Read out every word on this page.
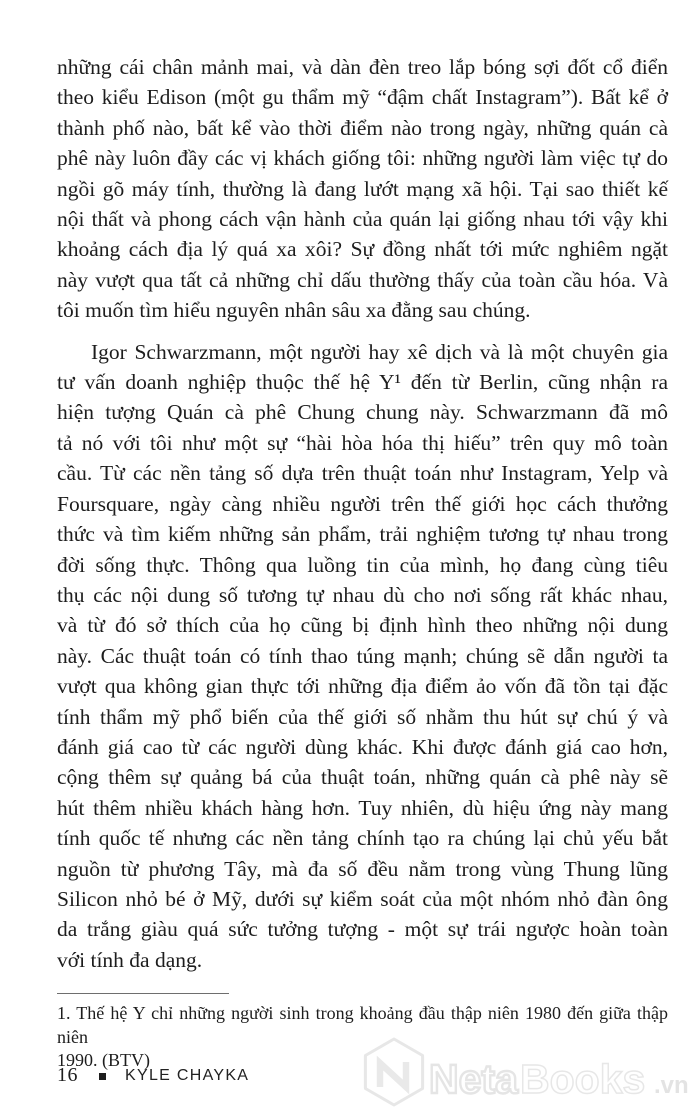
những cái chân mảnh mai, và dàn đèn treo lắp bóng sợi đốt cổ điển
theo kiểu Edison (một gu thẩm mỹ “đậm chất Instagram”). Bất kể ở
thành phố nào, bất kể vào thời điểm nào trong ngày, những quán cà
phê này luôn đầy các vị khách giống tôi: những người làm việc tự do
ngồi gõ máy tính, thường là đang lướt mạng xã hội. Tại sao thiết kế
nội thất và phong cách vận hành của quán lại giống nhau tới vậy khi
khoảng cách địa lý quá xa xôi? Sự đồng nhất tới mức nghiêm ngặt
này vượt qua tất cả những chỉ dấu thường thấy của toàn cầu hóa. Và
tôi muốn tìm hiểu nguyên nhân sâu xa đằng sau chúng.
Igor Schwarzmann, một người hay xê dịch và là một chuyên gia
tư vấn doanh nghiệp thuộc thế hệ Y¹ đến từ Berlin, cũng nhận ra
hiện tượng Quán cà phê Chung chung này. Schwarzmann đã mô
tả nó với tôi như một sự “hài hòa hóa thị hiếu” trên quy mô toàn
cầu. Từ các nền tảng số dựa trên thuật toán như Instagram, Yelp và
Foursquare, ngày càng nhiều người trên thế giới học cách thưởng
thức và tìm kiếm những sản phẩm, trải nghiệm tương tự nhau trong
đời sống thực. Thông qua luồng tin của mình, họ đang cùng tiêu
thụ các nội dung số tương tự nhau dù cho nơi sống rất khác nhau,
và từ đó sở thích của họ cũng bị định hình theo những nội dung
này. Các thuật toán có tính thao túng mạnh; chúng sẽ dẫn người ta
vượt qua không gian thực tới những địa điểm ảo vốn đã tồn tại đặc
tính thẩm mỹ phổ biến của thế giới số nhằm thu hút sự chú ý và
đánh giá cao từ các người dùng khác. Khi được đánh giá cao hơn,
cộng thêm sự quảng bá của thuật toán, những quán cà phê này sẽ
hút thêm nhiều khách hàng hơn. Tuy nhiên, dù hiệu ứng này mang
tính quốc tế nhưng các nền tảng chính tạo ra chúng lại chủ yếu bắt
nguồn từ phương Tây, mà đa số đều nằm trong vùng Thung lũng
Silicon nhỏ bé ở Mỹ, dưới sự kiểm soát của một nhóm nhỏ đàn ông
da trắng giàu quá sức tưởng tượng - một sự trái ngược hoàn toàn
với tính đa dạng.
1. Thế hệ Y chỉ những người sinh trong khoảng đầu thập niên 1980 đến giữa thập niên
1990. (BTV)
16	KYLE CHAYKA	Neta Books .vn
